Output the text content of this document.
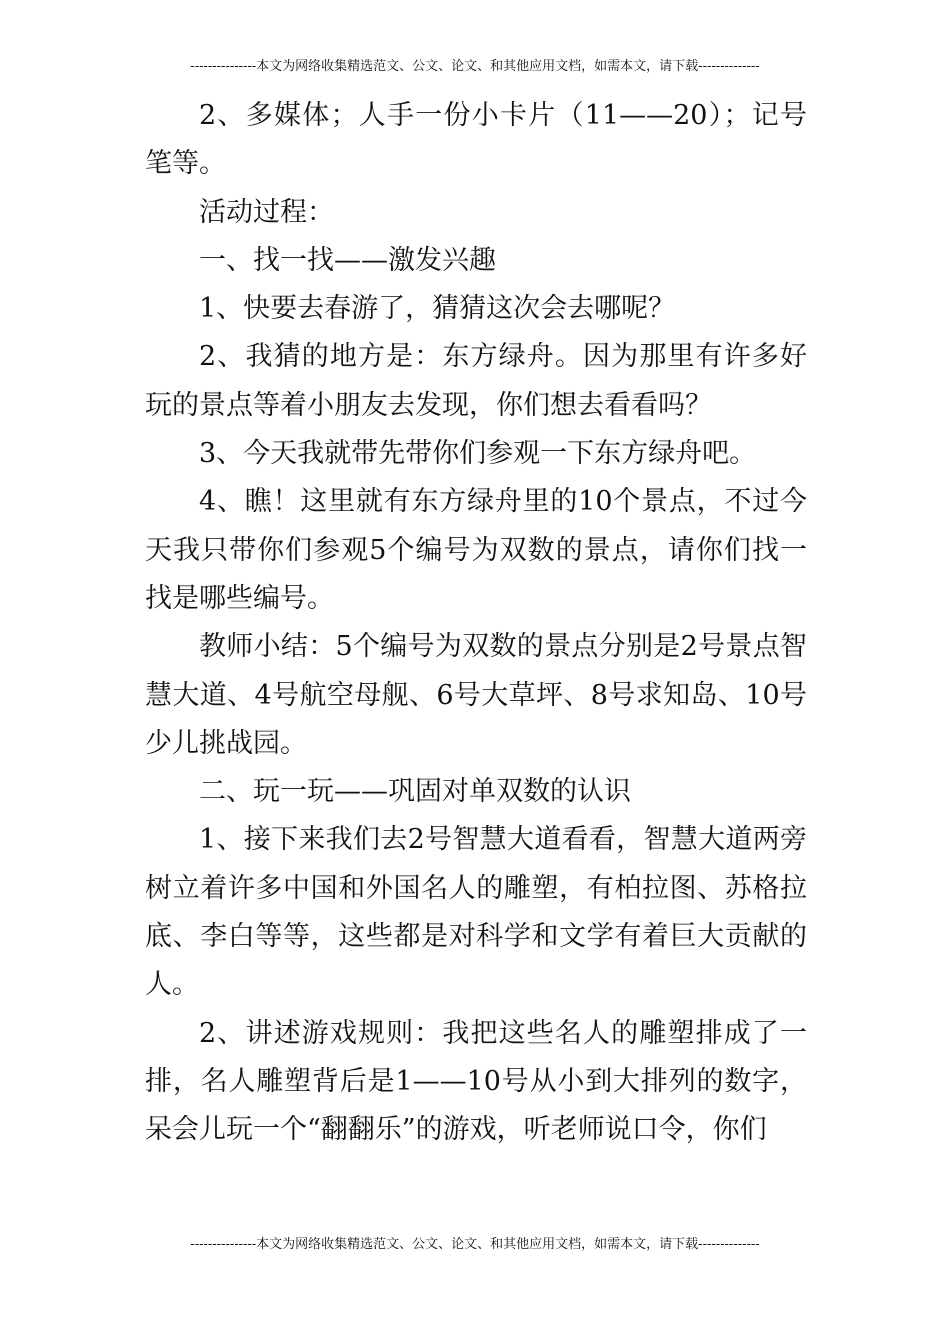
---------------本文为网络收集精选范文、公文、论文、和其他应用文档，如需本文，请下载--------------

2、多媒体；人手一份小卡片（11——20）；记号笔等。

活动过程：

一、找一找——激发兴趣

1、快要去春游了，猜猜这次会去哪呢？

2、我猜的地方是：东方绿舟。因为那里有许多好玩的景点等着小朋友去发现，你们想去看看吗？

3、今天我就带先带你们参观一下东方绿舟吧。

4、瞧！这里就有东方绿舟里的10个景点，不过今天我只带你们参观5个编号为双数的景点，请你们找一找是哪些编号。

教师小结：5个编号为双数的景点分别是2号景点智慧大道、4号航空母舰、6号大草坪、8号求知岛、10号少儿挑战园。

二、玩一玩——巩固对单双数的认识

1、接下来我们去2号智慧大道看看，智慧大道两旁树立着许多中国和外国名人的雕塑，有柏拉图、苏格拉底、李白等等，这些都是对科学和文学有着巨大贡献的人。

2、讲述游戏规则：我把这些名人的雕塑排成了一排，名人雕塑背后是1——10号从小到大排列的数字，呆会儿玩一个“翻翻乐”的游戏，听老师说口令，你们

---------------本文为网络收集精选范文、公文、论文、和其他应用文档，如需本文，请下载--------------
